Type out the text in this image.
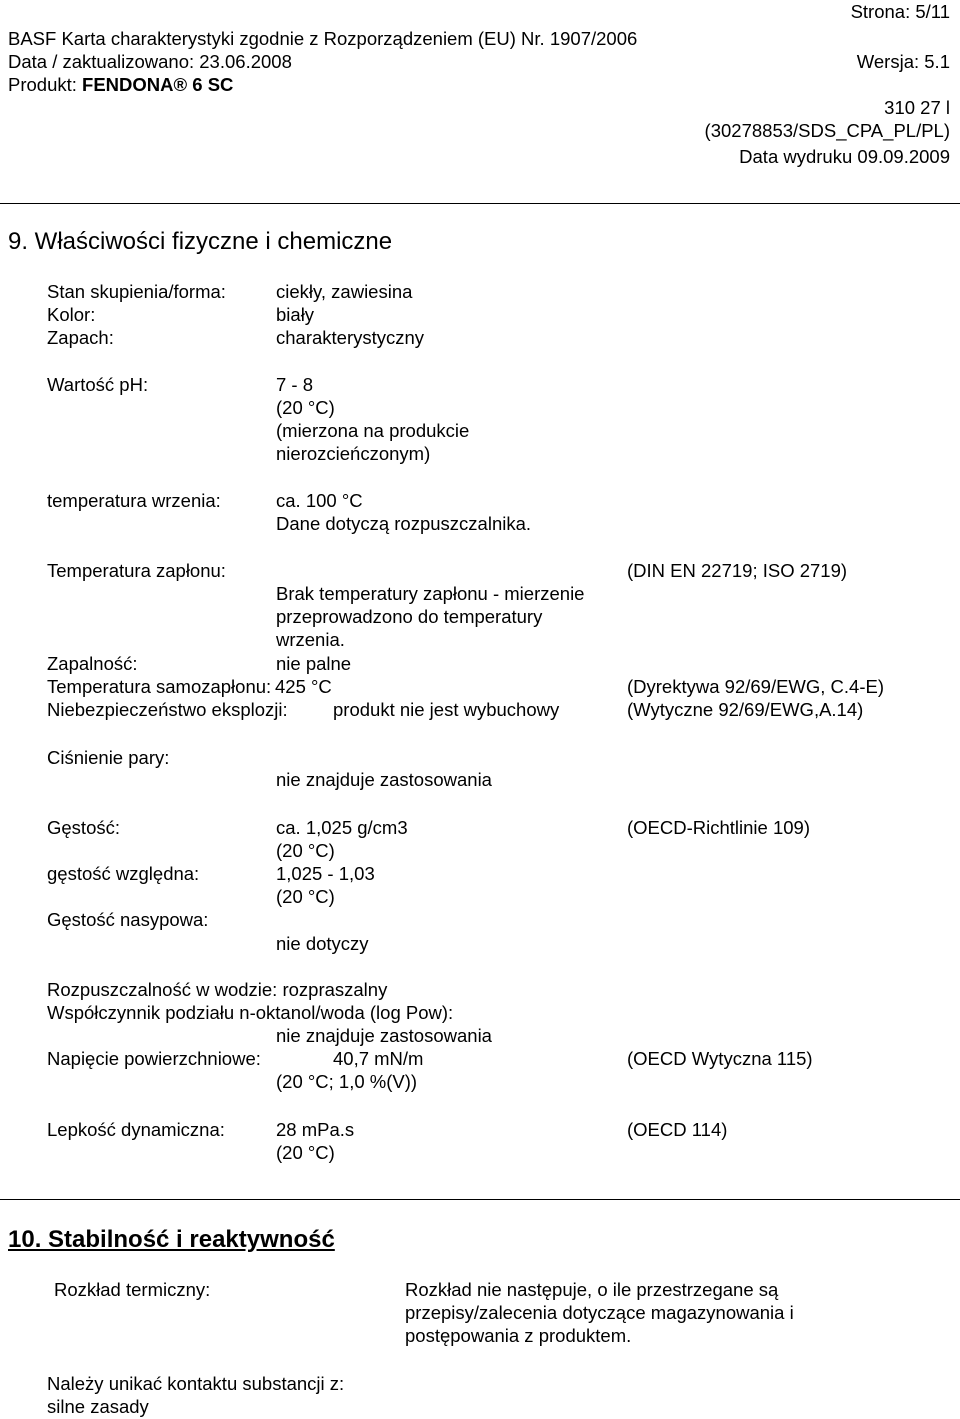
Strona: 5/11
BASF Karta charakterystyki zgodnie z Rozporządzeniem (EU) Nr. 1907/2006
Data / zaktualizowano: 23.06.2008	Wersja: 5.1
Produkt: FENDONA® 6 SC
310 27 l
(30278853/SDS_CPA_PL/PL)
Data wydruku 09.09.2009
9. Właściwości fizyczne i chemiczne
Stan skupienia/forma:	ciekły, zawiesina
Kolor:	biały
Zapach:	charakterystyczny
Wartość pH:	7 - 8
(20 °C)
(mierzona na produkcie
nierozcieńczonym)
temperatura wrzenia:	ca. 100 °C
Dane dotyczą rozpuszczalnika.
Temperatura zapłonu:	(DIN EN 22719; ISO 2719)
Brak temperatury zapłonu - mierzenie
przeprowadzono do temperatury
wrzenia.
Zapalność:	nie palne
Temperatura samozapłonu: 425 °C	(Dyrektywa 92/69/EWG, C.4-E)
Niebezpieczeństwo eksplozji: produkt nie jest wybuchowy	(Wytyczne 92/69/EWG,A.14)
Ciśnienie pary:
nie znajduje zastosowania
Gęstość:	ca. 1,025 g/cm3	(OECD-Richtlinie 109)
(20 °C)
gęstość względna:	1,025 - 1,03
(20 °C)
Gęstość nasypowa:
nie dotyczy
Rozpuszczalność w wodzie: rozpraszalny
Współczynnik podziału n-oktanol/woda (log Pow):
nie znajduje zastosowania
Napięcie powierzchniowe:	40,7 mN/m	(OECD Wytyczna 115)
(20 °C; 1,0 %(V))
Lepkość dynamiczna:	28 mPa.s	(OECD 114)
(20 °C)
10. Stabilność i reaktywność
Rozkład termiczny:	Rozkład nie następuje, o ile przestrzegane są
przepisy/zalecenia dotyczące magazynowania i
postępowania z produktem.
Należy unikać kontaktu substancji z:
silne zasady
